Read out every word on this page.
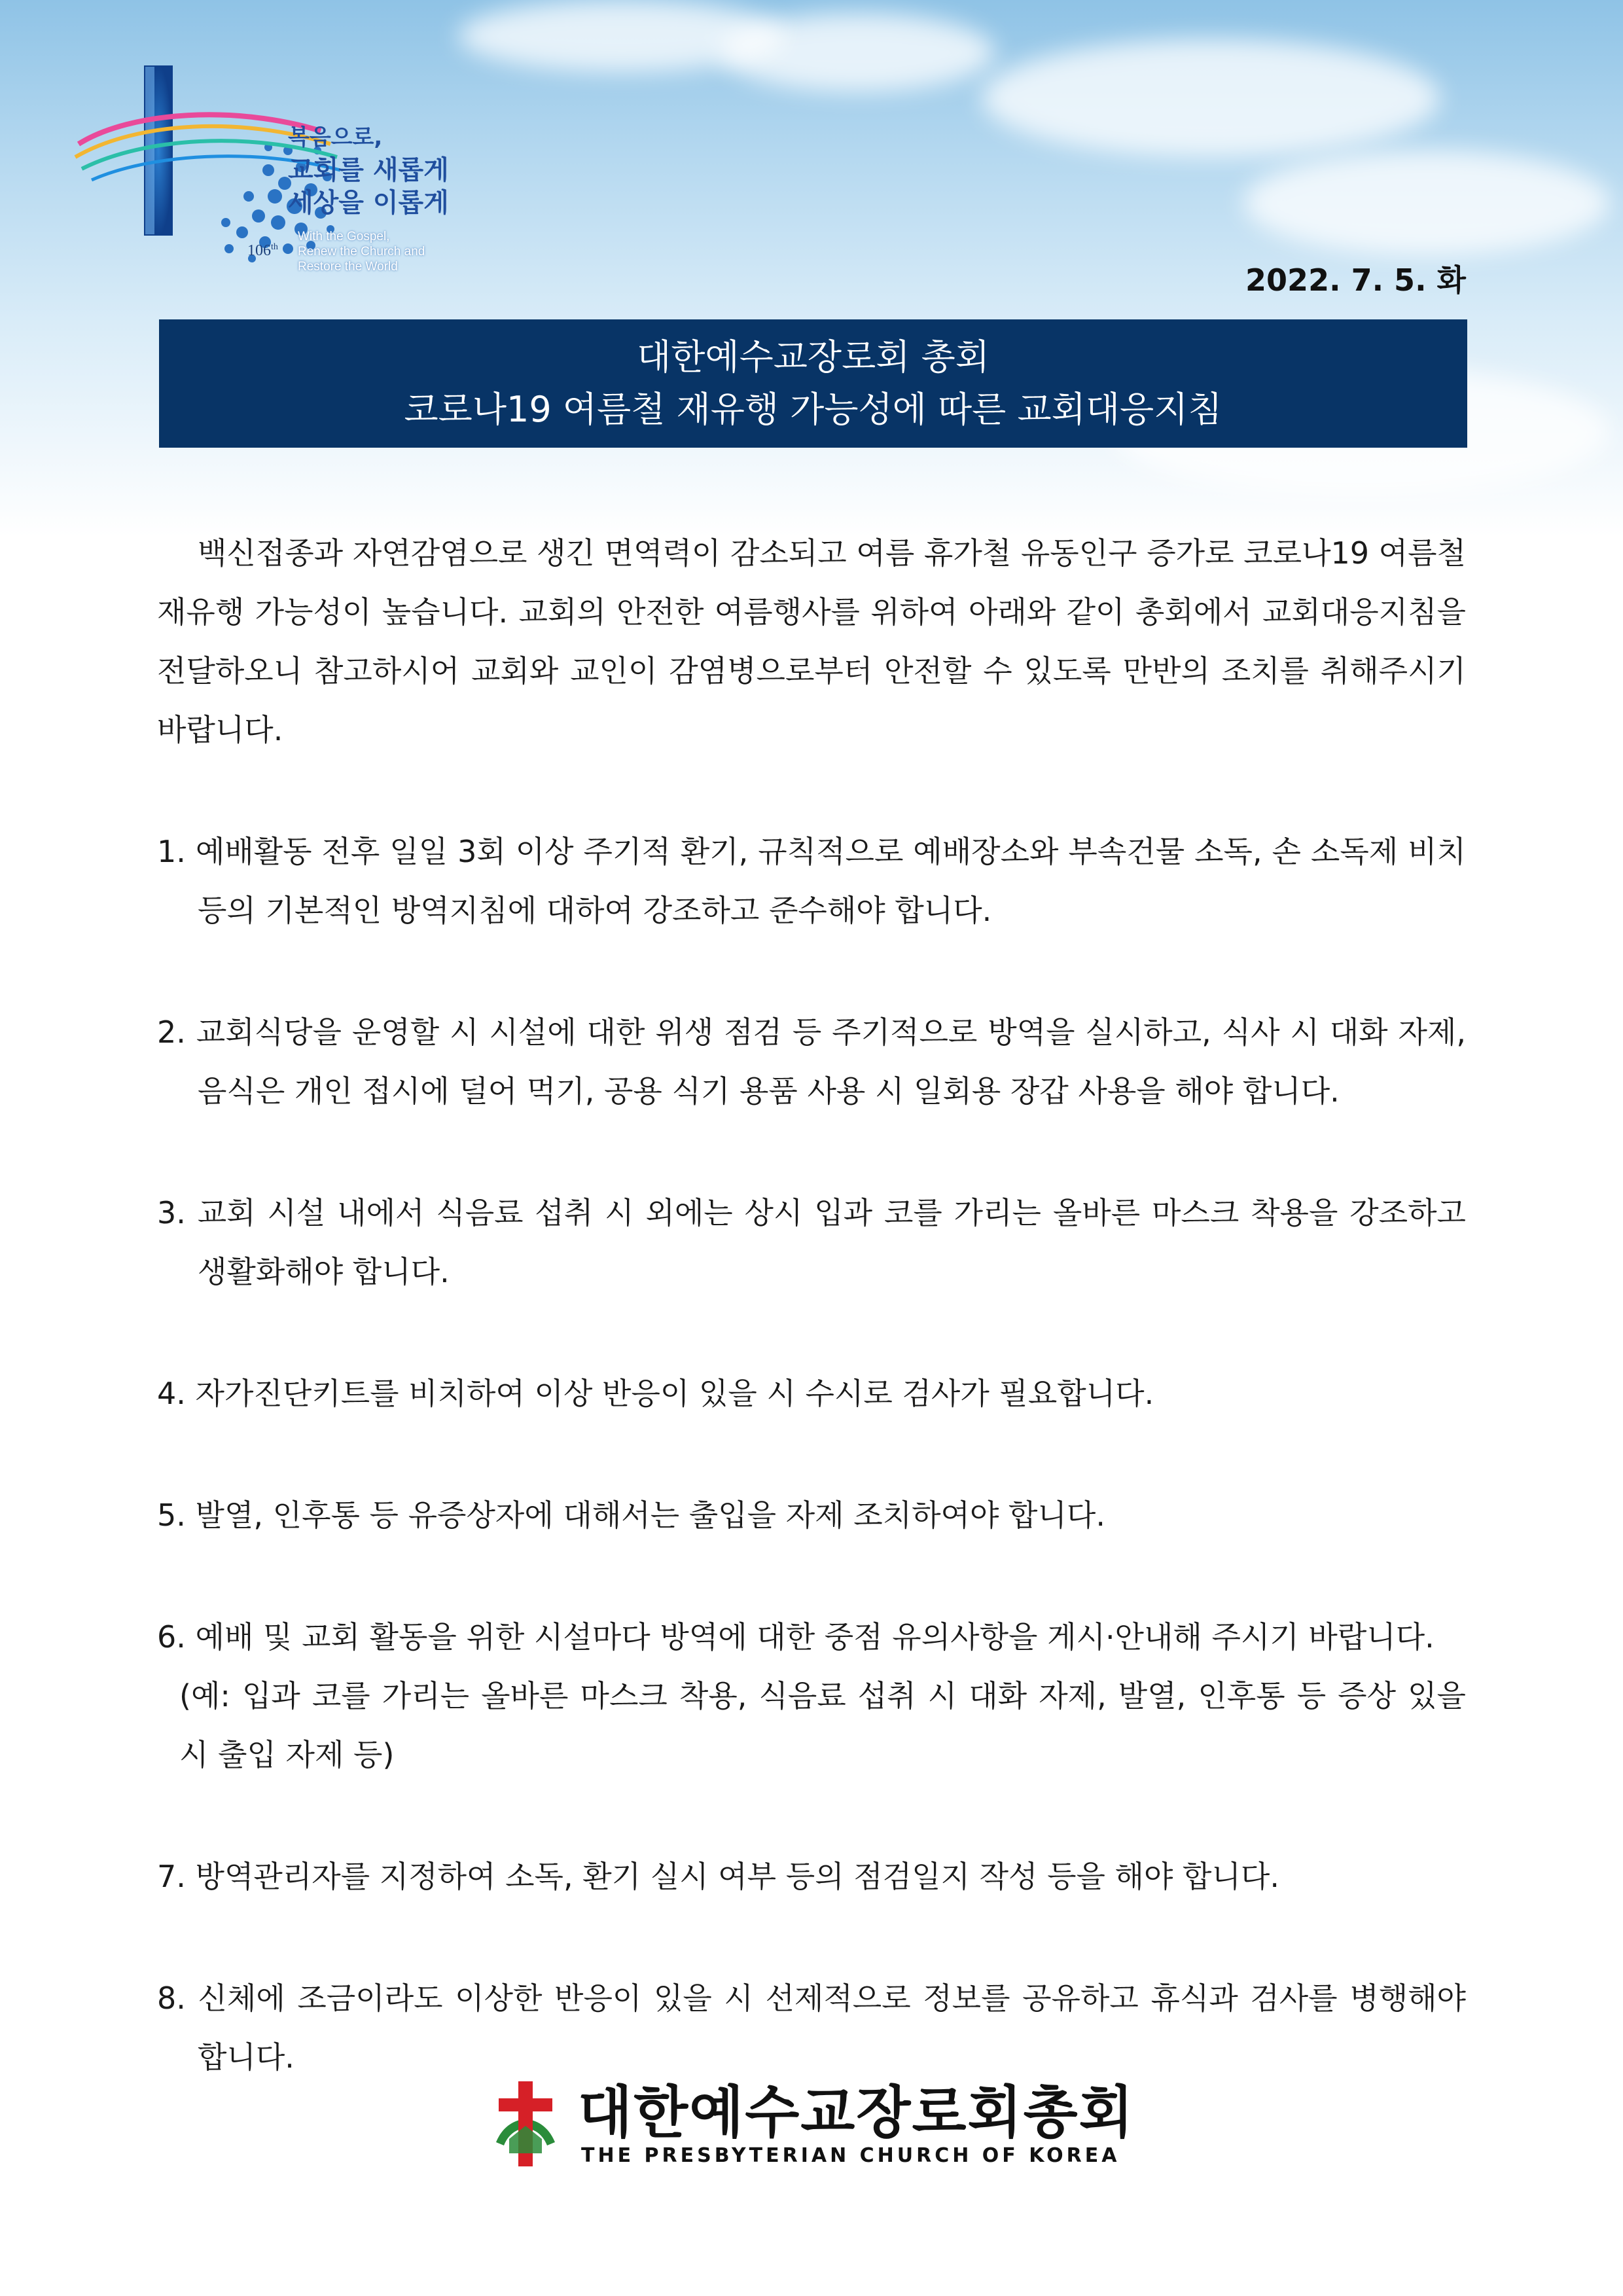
106th
복음으로,
교회를 새롭게
세상을 이롭게
With the Gospel,
Renew the Church and
Restore the World	2022. 7. 5. 화
대한예수교장로회 총회
코로나19 여름철 재유행 가능성에 따른 교회대응지침

백신접종과 자연감염으로 생긴 면역력이 감소되고 여름 휴가철 유동인구 증가로 코로나19 여름철 재유행 가능성이 높습니다. 교회의 안전한 여름행사를 위하여 아래와 같이 총회에서 교회대응지침을 전달하오니 참고하시어 교회와 교인이 감염병으로부터 안전할 수 있도록 만반의 조치를 취해주시기 바랍니다.

1. 예배활동 전후 일일 3회 이상 주기적 환기, 규칙적으로 예배장소와 부속건물 소독, 손 소독제 비치 등의 기본적인 방역지침에 대하여 강조하고 준수해야 합니다.

2. 교회식당을 운영할 시 시설에 대한 위생 점검 등 주기적으로 방역을 실시하고, 식사 시 대화 자제, 음식은 개인 접시에 덜어 먹기, 공용 식기 용품 사용 시 일회용 장갑 사용을 해야 합니다.

3. 교회 시설 내에서 식음료 섭취 시 외에는 상시 입과 코를 가리는 올바른 마스크 착용을 강조하고 생활화해야 합니다.

4. 자가진단키트를 비치하여 이상 반응이 있을 시 수시로 검사가 필요합니다.

5. 발열, 인후통 등 유증상자에 대해서는 출입을 자제 조치하여야 합니다.

6. 예배 및 교회 활동을 위한 시설마다 방역에 대한 중점 유의사항을 게시·안내해 주시기 바랍니다.
(예: 입과 코를 가리는 올바른 마스크 착용, 식음료 섭취 시 대화 자제, 발열, 인후통 등 증상 있을 시 출입 자제 등)

7. 방역관리자를 지정하여 소독, 환기 실시 여부 등의 점검일지 작성 등을 해야 합니다.

8. 신체에 조금이라도 이상한 반응이 있을 시 선제적으로 정보를 공유하고 휴식과 검사를 병행해야 합니다.

대한예수교장로회총회
THE PRESBYTERIAN CHURCH OF KOREA
